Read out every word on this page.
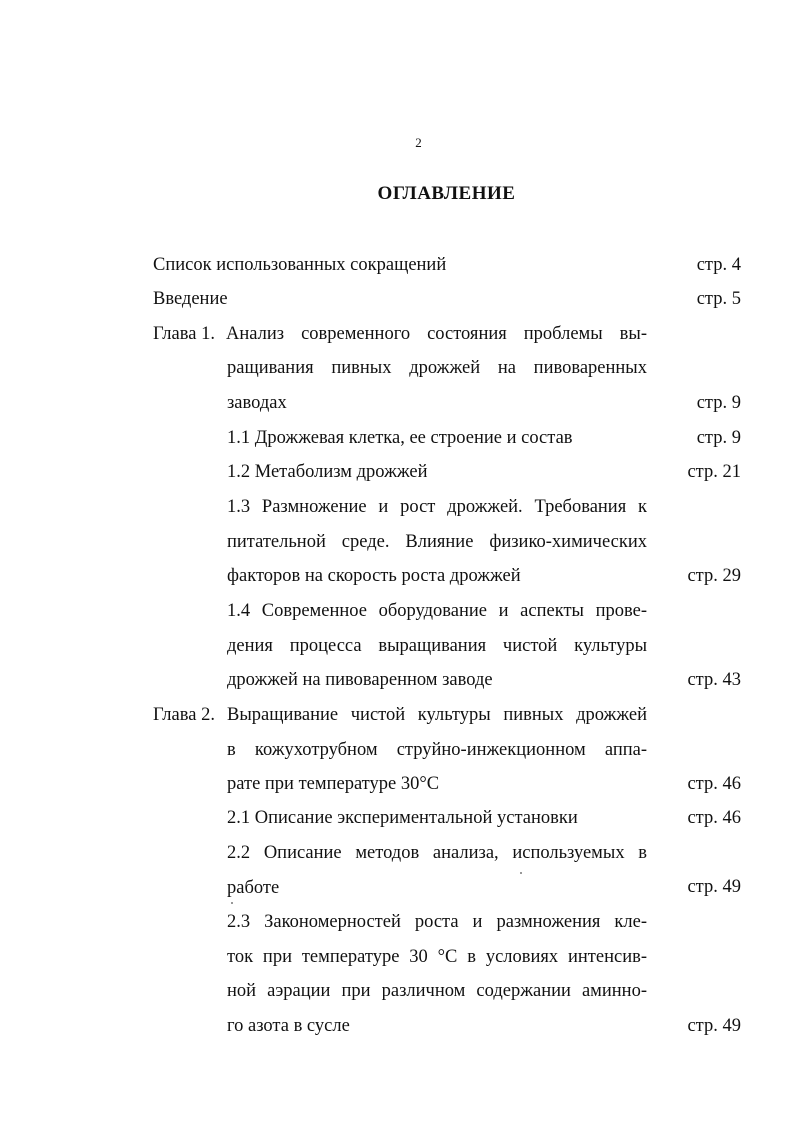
2
ОГЛАВЛЕНИЕ
Список использованных сокращений	стр. 4
Введение	стр. 5
Глава 1. Анализ современного состояния проблемы вы-
ращивания пивных дрожжей на пивоваренных
заводах	стр. 9
1.1 Дрожжевая клетка, ее строение и состав	стр. 9
1.2 Метаболизм дрожжей	стр. 21
1.3 Размножение и рост дрожжей. Требования к
питательной среде. Влияние физико-химических
факторов на скорость роста дрожжей	стр. 29
1.4 Современное оборудование и аспекты прове-
дения процесса выращивания чистой культуры
дрожжей на пивоваренном заводе	стр. 43
Глава 2. Выращивание чистой культуры пивных дрожжей
в кожухотрубном струйно-инжекционном аппа-
рате при температуре 30°С	стр. 46
2.1 Описание экспериментальной установки	стр. 46
2.2 Описание методов анализа, используемых в
работе	стр. 49
2.3 Закономерностей роста и размножения кле-
ток при температуре 30 °С в условиях интенсив-
ной аэрации при различном содержании аминно-
го азота в сусле	стр. 49
